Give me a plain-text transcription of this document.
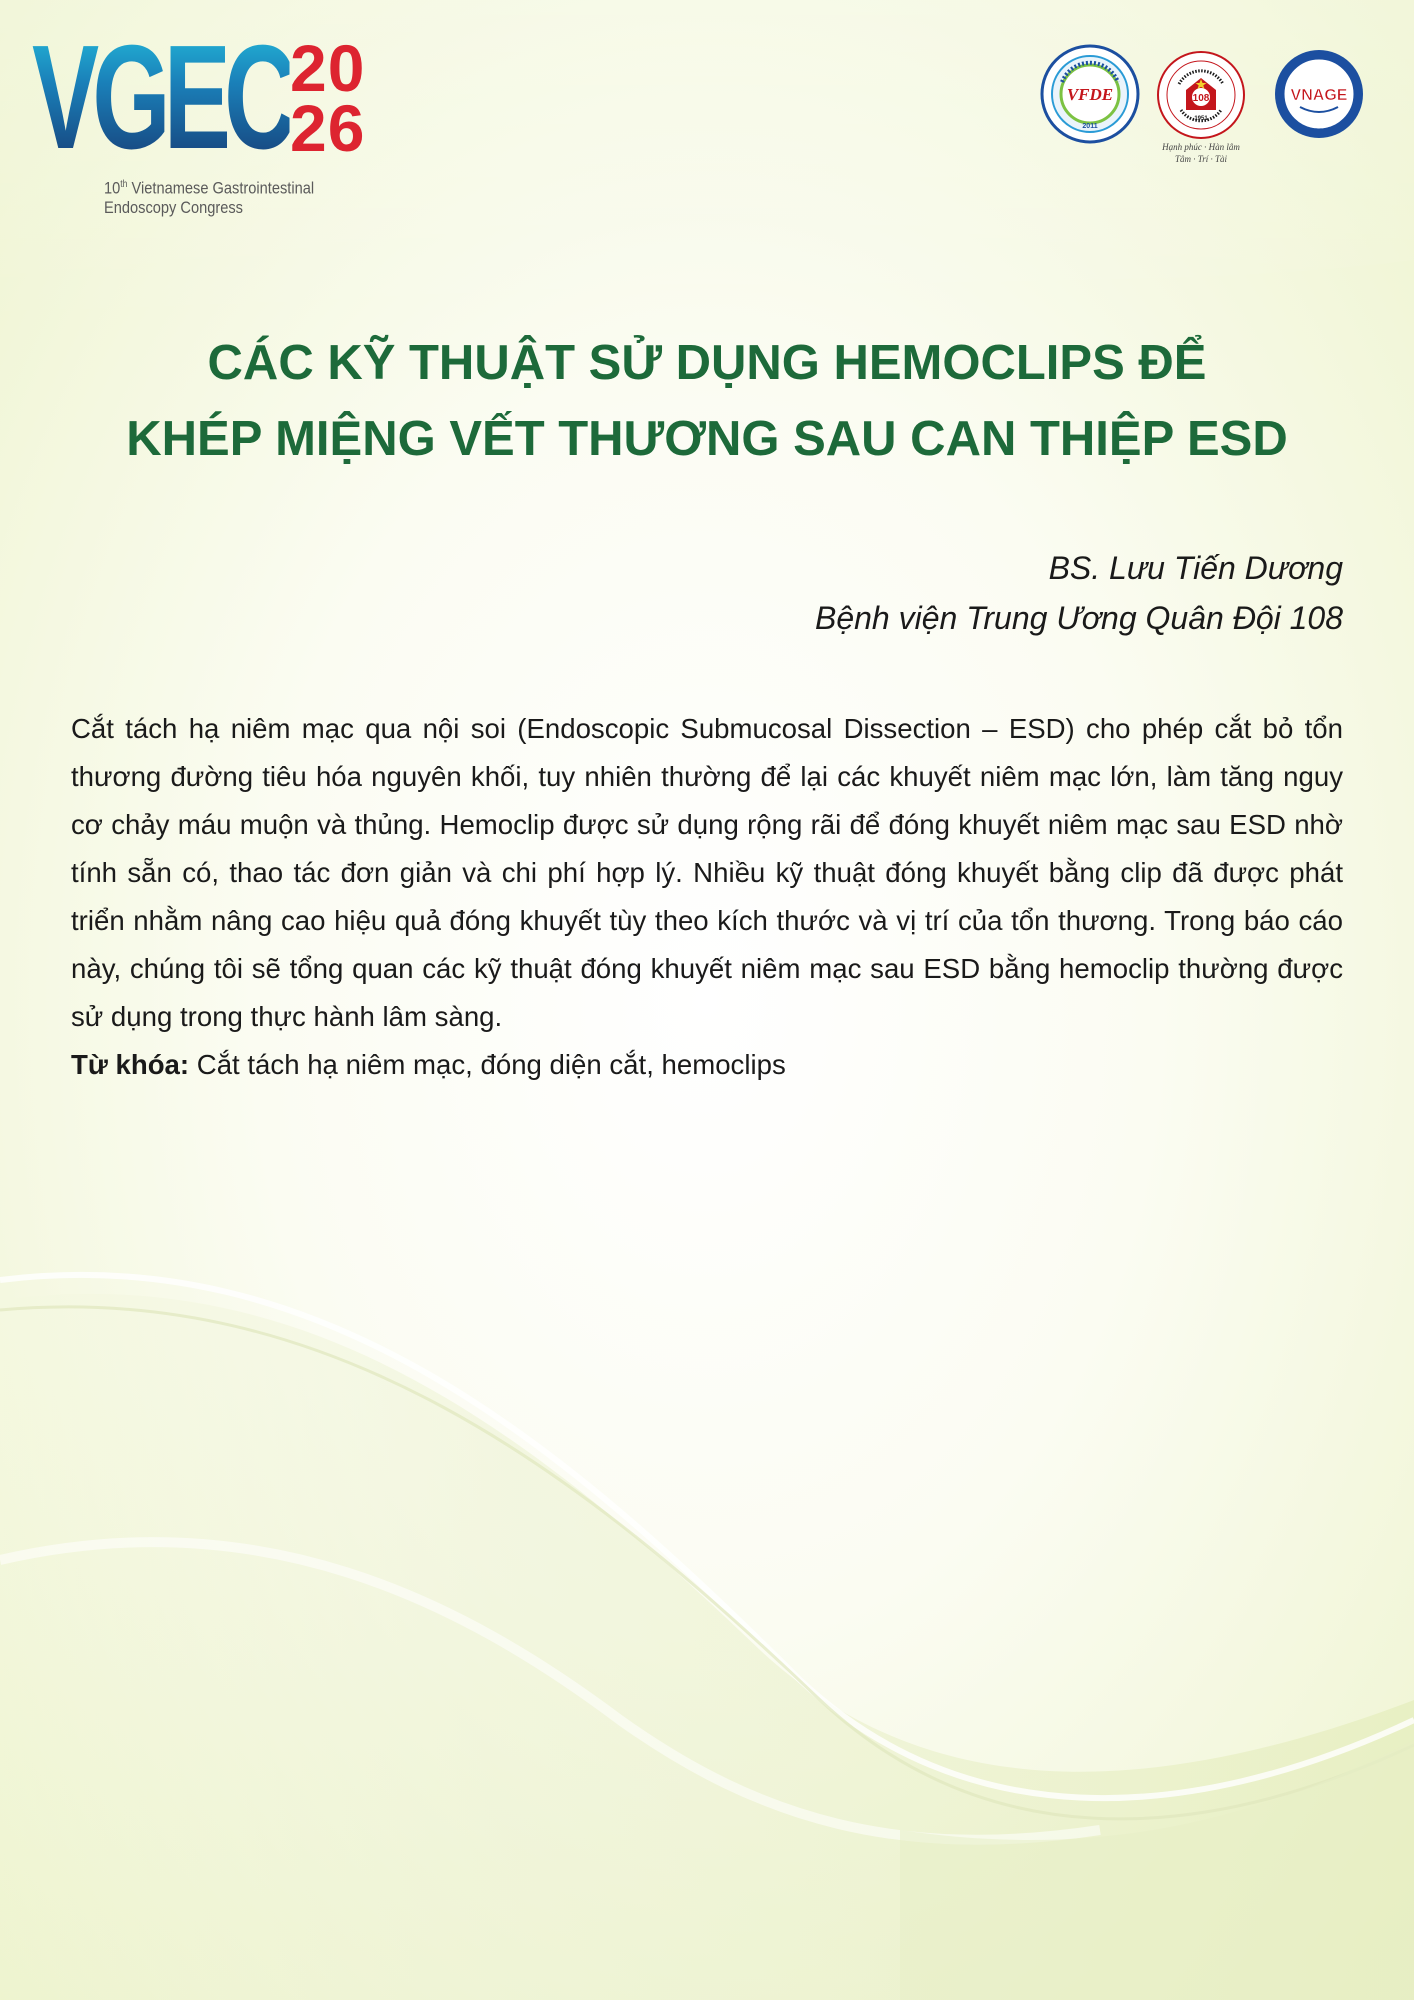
VGEC 20
26
10th Vietnamese Gastrointestinal
Endoscopy Congress
VFDE
2011
108
1951
Hạnh phúc · Hàn lâm
Tâm · Trí · Tài
VNAGE
CÁC KỸ THUẬT SỬ DỤNG HEMOCLIPS ĐỂ
KHÉP MIỆNG VẾT THƯƠNG SAU CAN THIỆP ESD
BS. Lưu Tiến Dương
Bệnh viện Trung Ương Quân Đội 108
Cắt tách hạ niêm mạc qua nội soi (Endoscopic Submucosal Dissection – ESD) cho phép cắt bỏ tổn thương đường tiêu hóa nguyên khối, tuy nhiên thường để lại các khuyết niêm mạc lớn, làm tăng nguy cơ chảy máu muộn và thủng. Hemoclip được sử dụng rộng rãi để đóng khuyết niêm mạc sau ESD nhờ tính sẵn có, thao tác đơn giản và chi phí hợp lý. Nhiều kỹ thuật đóng khuyết bằng clip đã được phát triển nhằm nâng cao hiệu quả đóng khuyết tùy theo kích thước và vị trí của tổn thương. Trong báo cáo này, chúng tôi sẽ tổng quan các kỹ thuật đóng khuyết niêm mạc sau ESD bằng hemoclip thường được sử dụng trong thực hành lâm sàng.
Từ khóa: Cắt tách hạ niêm mạc, đóng diện cắt, hemoclips
